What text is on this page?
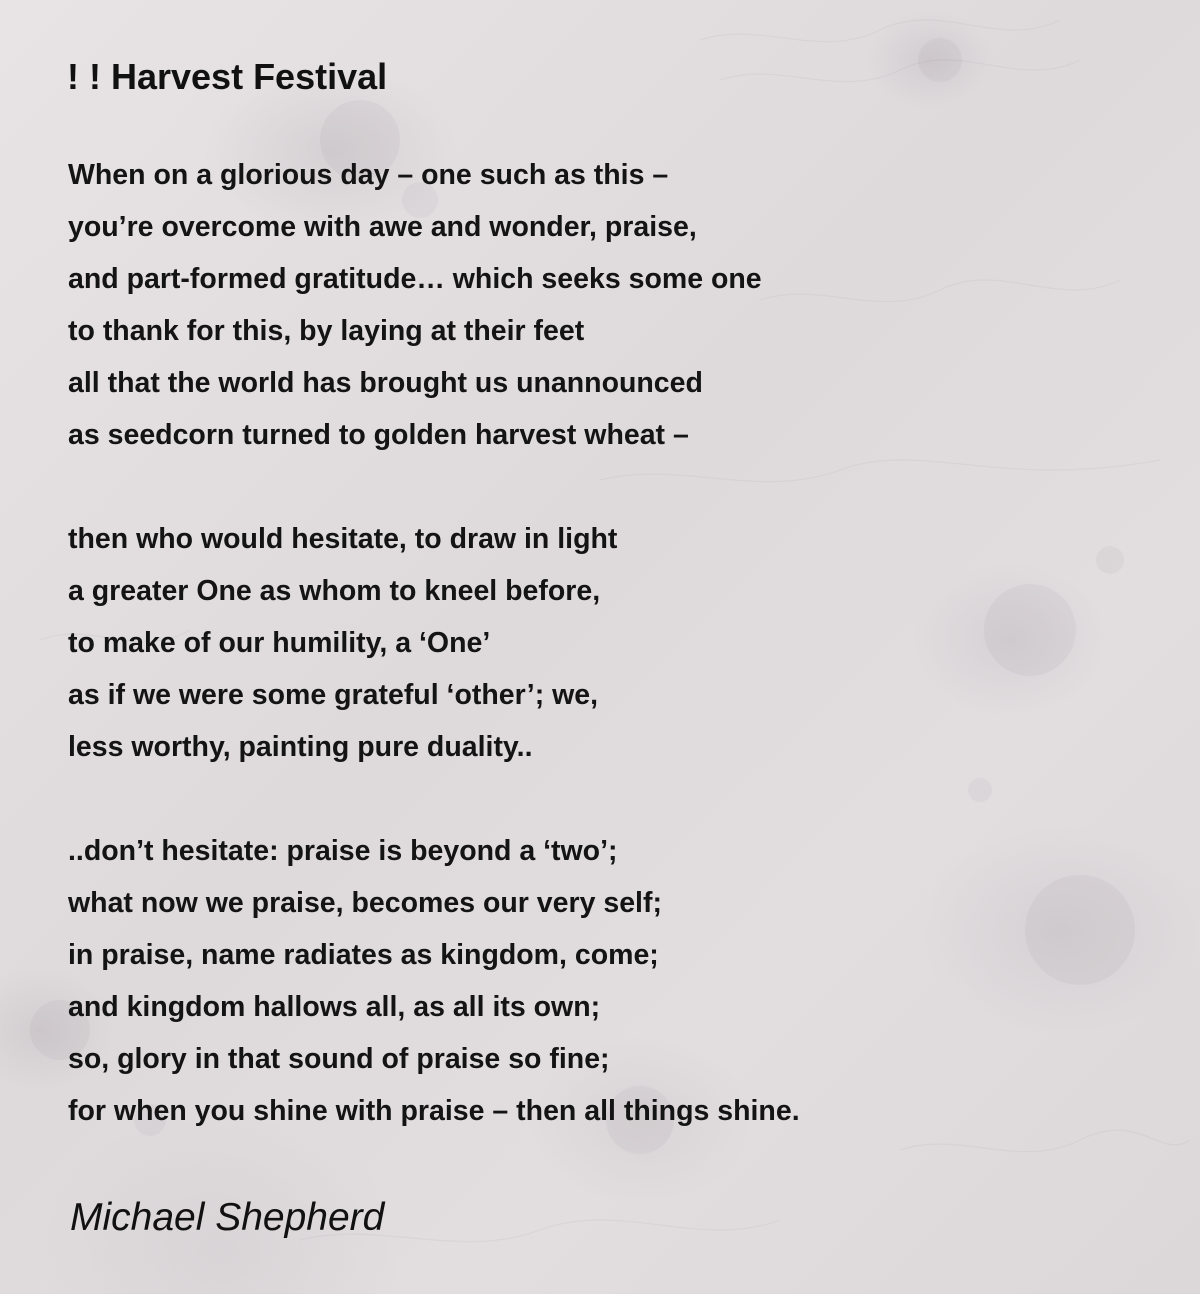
! ! Harvest Festival

When on a glorious day – one such as this –
you’re overcome with awe and wonder, praise,
and part-formed gratitude… which seeks some one
to thank for this, by laying at their feet
all that the world has brought us unannounced
as seedcorn turned to golden harvest wheat –

then who would hesitate, to draw in light
a greater One as whom to kneel before,
to make of our humility, a ‘One’
as if we were some grateful ‘other’; we,
less worthy, painting pure duality..

..don’t hesitate: praise is beyond a ‘two’;
what now we praise, becomes our very self;
in praise, name radiates as kingdom, come;
and kingdom hallows all, as all its own;
so, glory in that sound of praise so fine;
for when you shine with praise – then all things shine.

Michael Shepherd
